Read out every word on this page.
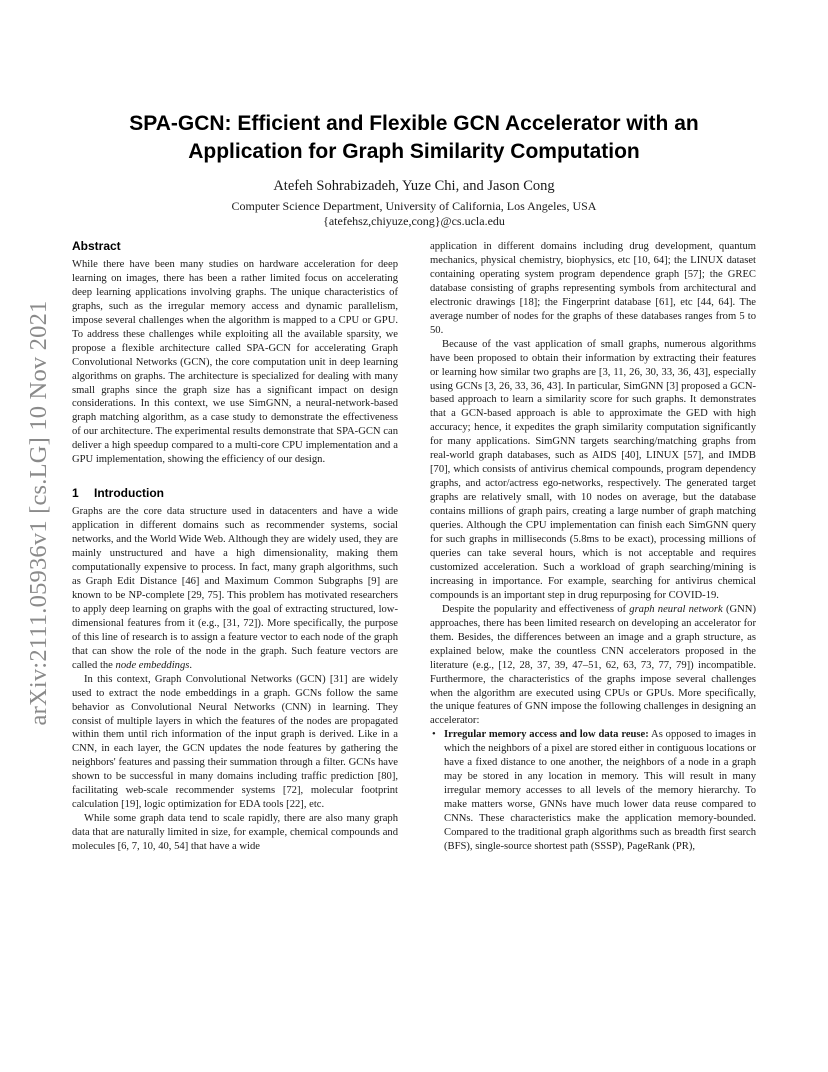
arXiv:2111.05936v1 [cs.LG] 10 Nov 2021
SPA-GCN: Efficient and Flexible GCN Accelerator with an
Application for Graph Similarity Computation
Atefeh Sohrabizadeh, Yuze Chi, and Jason Cong
Computer Science Department, University of California, Los Angeles, USA
{atefehsz,chiyuze,cong}@cs.ucla.edu
Abstract

While there have been many studies on hardware acceleration for deep learning on images, there has been a rather limited focus on accelerating deep learning applications involving graphs. The unique characteristics of graphs, such as the irregular memory access and dynamic parallelism, impose several challenges when the algorithm is mapped to a CPU or GPU. To address these challenges while exploiting all the available sparsity, we propose a flexible architecture called SPA-GCN for accelerating Graph Convolutional Networks (GCN), the core computation unit in deep learning algorithms on graphs. The architecture is specialized for dealing with many small graphs since the graph size has a significant impact on design considerations. In this context, we use SimGNN, a neural-network-based graph matching algorithm, as a case study to demonstrate the effectiveness of our architecture. The experimental results demonstrate that SPA-GCN can deliver a high speedup compared to a multi-core CPU implementation and a GPU implementation, showing the efficiency of our design.

1 Introduction

Graphs are the core data structure used in datacenters and have a wide application in different domains such as recommender systems, social networks, and the World Wide Web. Although they are widely used, they are mainly unstructured and have a high dimensionality, making them computationally expensive to process. In fact, many graph algorithms, such as Graph Edit Distance [46] and Maximum Common Subgraphs [9] are known to be NP-complete [29, 75]. This problem has motivated researchers to apply deep learning on graphs with the goal of extracting structured, low-dimensional features from it (e.g., [31, 72]). More specifically, the purpose of this line of research is to assign a feature vector to each node of the graph that can show the role of the node in the graph. Such feature vectors are called the node embeddings.

In this context, Graph Convolutional Networks (GCN) [31] are widely used to extract the node embeddings in a graph. GCNs follow the same behavior as Convolutional Neural Networks (CNN) in learning. They consist of multiple layers in which the features of the nodes are propagated within them until rich information of the input graph is derived. Like in a CNN, in each layer, the GCN updates the node features by gathering the neighbors' features and passing their summation through a filter. GCNs have shown to be successful in many domains including traffic prediction [80], facilitating web-scale recommender systems [72], molecular footprint calculation [19], logic optimization for EDA tools [22], etc.

While some graph data tend to scale rapidly, there are also many graph data that are naturally limited in size, for example, chemical compounds and molecules [6, 7, 10, 40, 54] that have a wide

application in different domains including drug development, quantum mechanics, physical chemistry, biophysics, etc [10, 64]; the LINUX dataset containing operating system program dependence graph [57]; the GREC database consisting of graphs representing symbols from architectural and electronic drawings [18]; the Fingerprint database [61], etc [44, 64]. The average number of nodes for the graphs of these databases ranges from 5 to 50.

Because of the vast application of small graphs, numerous algorithms have been proposed to obtain their information by extracting their features or learning how similar two graphs are [3, 11, 26, 30, 33, 36, 43], especially using GCNs [3, 26, 33, 36, 43]. In particular, SimGNN [3] proposed a GCN-based approach to learn a similarity score for such graphs. It demonstrates that a GCN-based approach is able to approximate the GED with high accuracy; hence, it expedites the graph similarity computation significantly for many applications. SimGNN targets searching/matching graphs from real-world graph databases, such as AIDS [40], LINUX [57], and IMDB [70], which consists of antivirus chemical compounds, program dependency graphs, and actor/actress ego-networks, respectively. The generated target graphs are relatively small, with 10 nodes on average, but the database contains millions of graph pairs, creating a large number of graph matching queries. Although the CPU implementation can finish each SimGNN query for such graphs in milliseconds (5.8ms to be exact), processing millions of queries can take several hours, which is not acceptable and requires customized acceleration. Such a workload of graph searching/mining is increasing in importance. For example, searching for antivirus chemical compounds is an important step in drug repurposing for COVID-19.

Despite the popularity and effectiveness of graph neural network (GNN) approaches, there has been limited research on developing an accelerator for them. Besides, the differences between an image and a graph structure, as explained below, make the countless CNN accelerators proposed in the literature (e.g., [12, 28, 37, 39, 47–51, 62, 63, 73, 77, 79]) incompatible. Furthermore, the characteristics of the graphs impose several challenges when the algorithm are executed using CPUs or GPUs. More specifically, the unique features of GNN impose the following challenges in designing an accelerator:

• Irregular memory access and low data reuse: As opposed to images in which the neighbors of a pixel are stored either in contiguous locations or have a fixed distance to one another, the neighbors of a node in a graph may be stored in any location in memory. This will result in many irregular memory accesses to all levels of the memory hierarchy. To make matters worse, GNNs have much lower data reuse compared to CNNs. These characteristics make the application memory-bounded. Compared to the traditional graph algorithms such as breadth first search (BFS), single-source shortest path (SSSP), PageRank (PR),
